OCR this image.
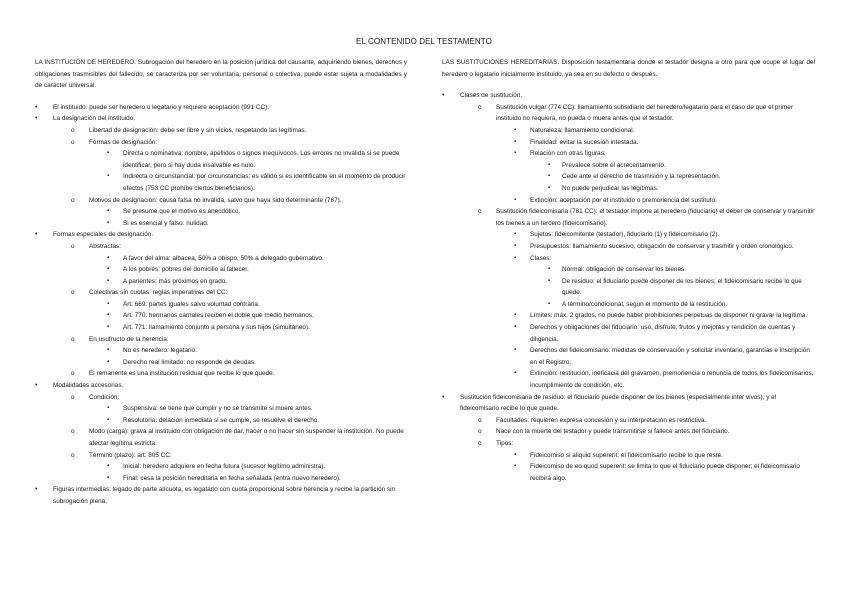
EL CONTENIDO DEL TESTAMENTO

LA INSTITUCIÓN DE HEREDERO. Subrogación del heredero en la posición jurídica del causante, adquiriendo bienes, derechos y obligaciones trasmisibles del fallecido, se caracteriza por ser voluntaria, personal o colectiva, puede estar sujeta a modalidades y de carácter universal.

• El instituido: puede ser heredero o legatario y requiere aceptación (991 CC).
• La designación del instituido.
o Libertad de designación: debe ser libre y sin vicios, respetando las legítimas.
o Formas de designación:
▪ Directa o nominativa: nombre, apellidos o signos inequívocos. Los errores no invalida si se puede identificar, pero si hay duda insalvable es nulo.
▪ Indirecta o circunstancial: por circunstancias: es válido si es identificable en el momento de producir efectos (753 CC prohíbe ciertos beneficiarios).
o Motivos de designación: causa falsa no invalida, salvo que haya sido determinante (767).
▪ Se presume que el motivo es anecdótico.
▪ Si es esencial y falso: nulidad.
• Formas especiales de designación.
o Abstractas:
▪ A favor del alma: albacea, 50% a obispo, 50% a delegado gubernativo.
▪ A los pobres: pobres del domicilio al fallecer.
▪ A parientes: más próximos en grado.
o Colectivas sin cuotas: reglas imperativas del CC:
▪ Art. 669: partes iguales salvo voluntad contraria.
▪ Art. 770: hermanos carnales reciben el doble que medio hermanos.
▪ Art. 771: llamamiento conjunto a persona y sus hijos (simultáneo).
o En usufructo de la herencia:
▪ No es heredero: legatario.
▪ Derecho real limitado: no responde de deudas.
o El remanente es una institución residual que recibe lo que quede.
• Modalidades accesorias.
o Condición:
▪ Suspensiva: se tiene que cumplir y no se transmite si muere antes.
▪ Resolutoria: delación inmediata si se cumple, se resuelve el derecho.
o Modo (carga): grava al instituido con obligación de dar, hacer o no hacer sin suspender la institución. No puede afectar legítima estricta.
o Término (plazo): art. 805 CC:
▪ Inicial: heredero adquiere en fecha futura (sucesor legítimo administra).
▪ Final: cesa la posición hereditaria en fecha señalada (entra nuevo heredero).
• Figuras intermedias: legado de parte alícuota, es legatario con cuota proporcional sobre herencia y recibe la partición sin subrogación plena.

LAS SUSTITUCIONES HEREDITARIAS. Disposición testamentaria donde el testador designa a otro para que ocupe el lugar del heredero o legatario inicialmente instituido, ya sea en su defecto o después.

• Clases de sustitución.
o Sustitución vulgar (774 CC): llamamiento subsidiario del heredero/legatario para el caso de que el primer instituido no requiera, no pueda o muera antes que el testador.
▪ Naturaleza: llamamiento condicional.
▪ Finalidad: evitar la sucesión intestada.
▪ Relación con otras figuras:
▪ Prevalece sobre el acrecentamiento.
▪ Cede ante el derecho de trasmisión y la representación.
▪ No puede perjudicar las legítimas.
▪ Extinción: aceptación por el instituido o premoriencia del sustituto.
o Sustitución fideicomisaria (781 CC): el testador impone al heredero (fiduciario) el deber de conservar y transmitir los bienes a un tercero (fideicomisario).
▪ Sujetos: fideicomitente (testador), fiduciario (1) y fideicomisario (2).
▪ Presupuestos: llamamiento sucesivo, obligación de conservar y trasmitir y orden cronológico.
▪ Clases:
▪ Normal: obligación de conservar los bienes.
▪ De residuo: el fiduciario puede disponer de los bienes; el fideicomisario recibe lo que quede.
▪ A término/condicional, según el momento de la restitución.
▪ Límites: máx. 2 grados, no puede haber prohibiciones perpetuas de disponer ni gravar la legítima.
▪ Derechos y obligaciones del fiduciario: uso, disfrute, frutos y mejoras y rendición de cuentas y diligencia.
▪ Derechos del fideicomisario: medidas de conservación y solicitar inventario, garantías e inscripción en el Registro.
▪ Extinción: restitución, ineficacia del gravamen, premoriencia o renuncia de todos los fideicomisarios, incumplimiento de condición, etc.
• Sustitución fideicomisaria de residuo: el fiduciario puede disponer de los bienes (especialmente inter vivos), y el fideicomisario recibe lo que quede.
o Facultades: requieren expresa concesión y su interpretación es restrictiva.
o Nace con la muerte del testador y puede transmitirse si fallece antes del fiduciario.
o Tipos:
▪ Fideicomiso si aliquid supererit: el fideicomisario recibe lo que reste.
▪ Fideicomiso de eo quod supererit: se limita lo que el fiduciario puede disponer; el fideicomisario recibirá algo.
